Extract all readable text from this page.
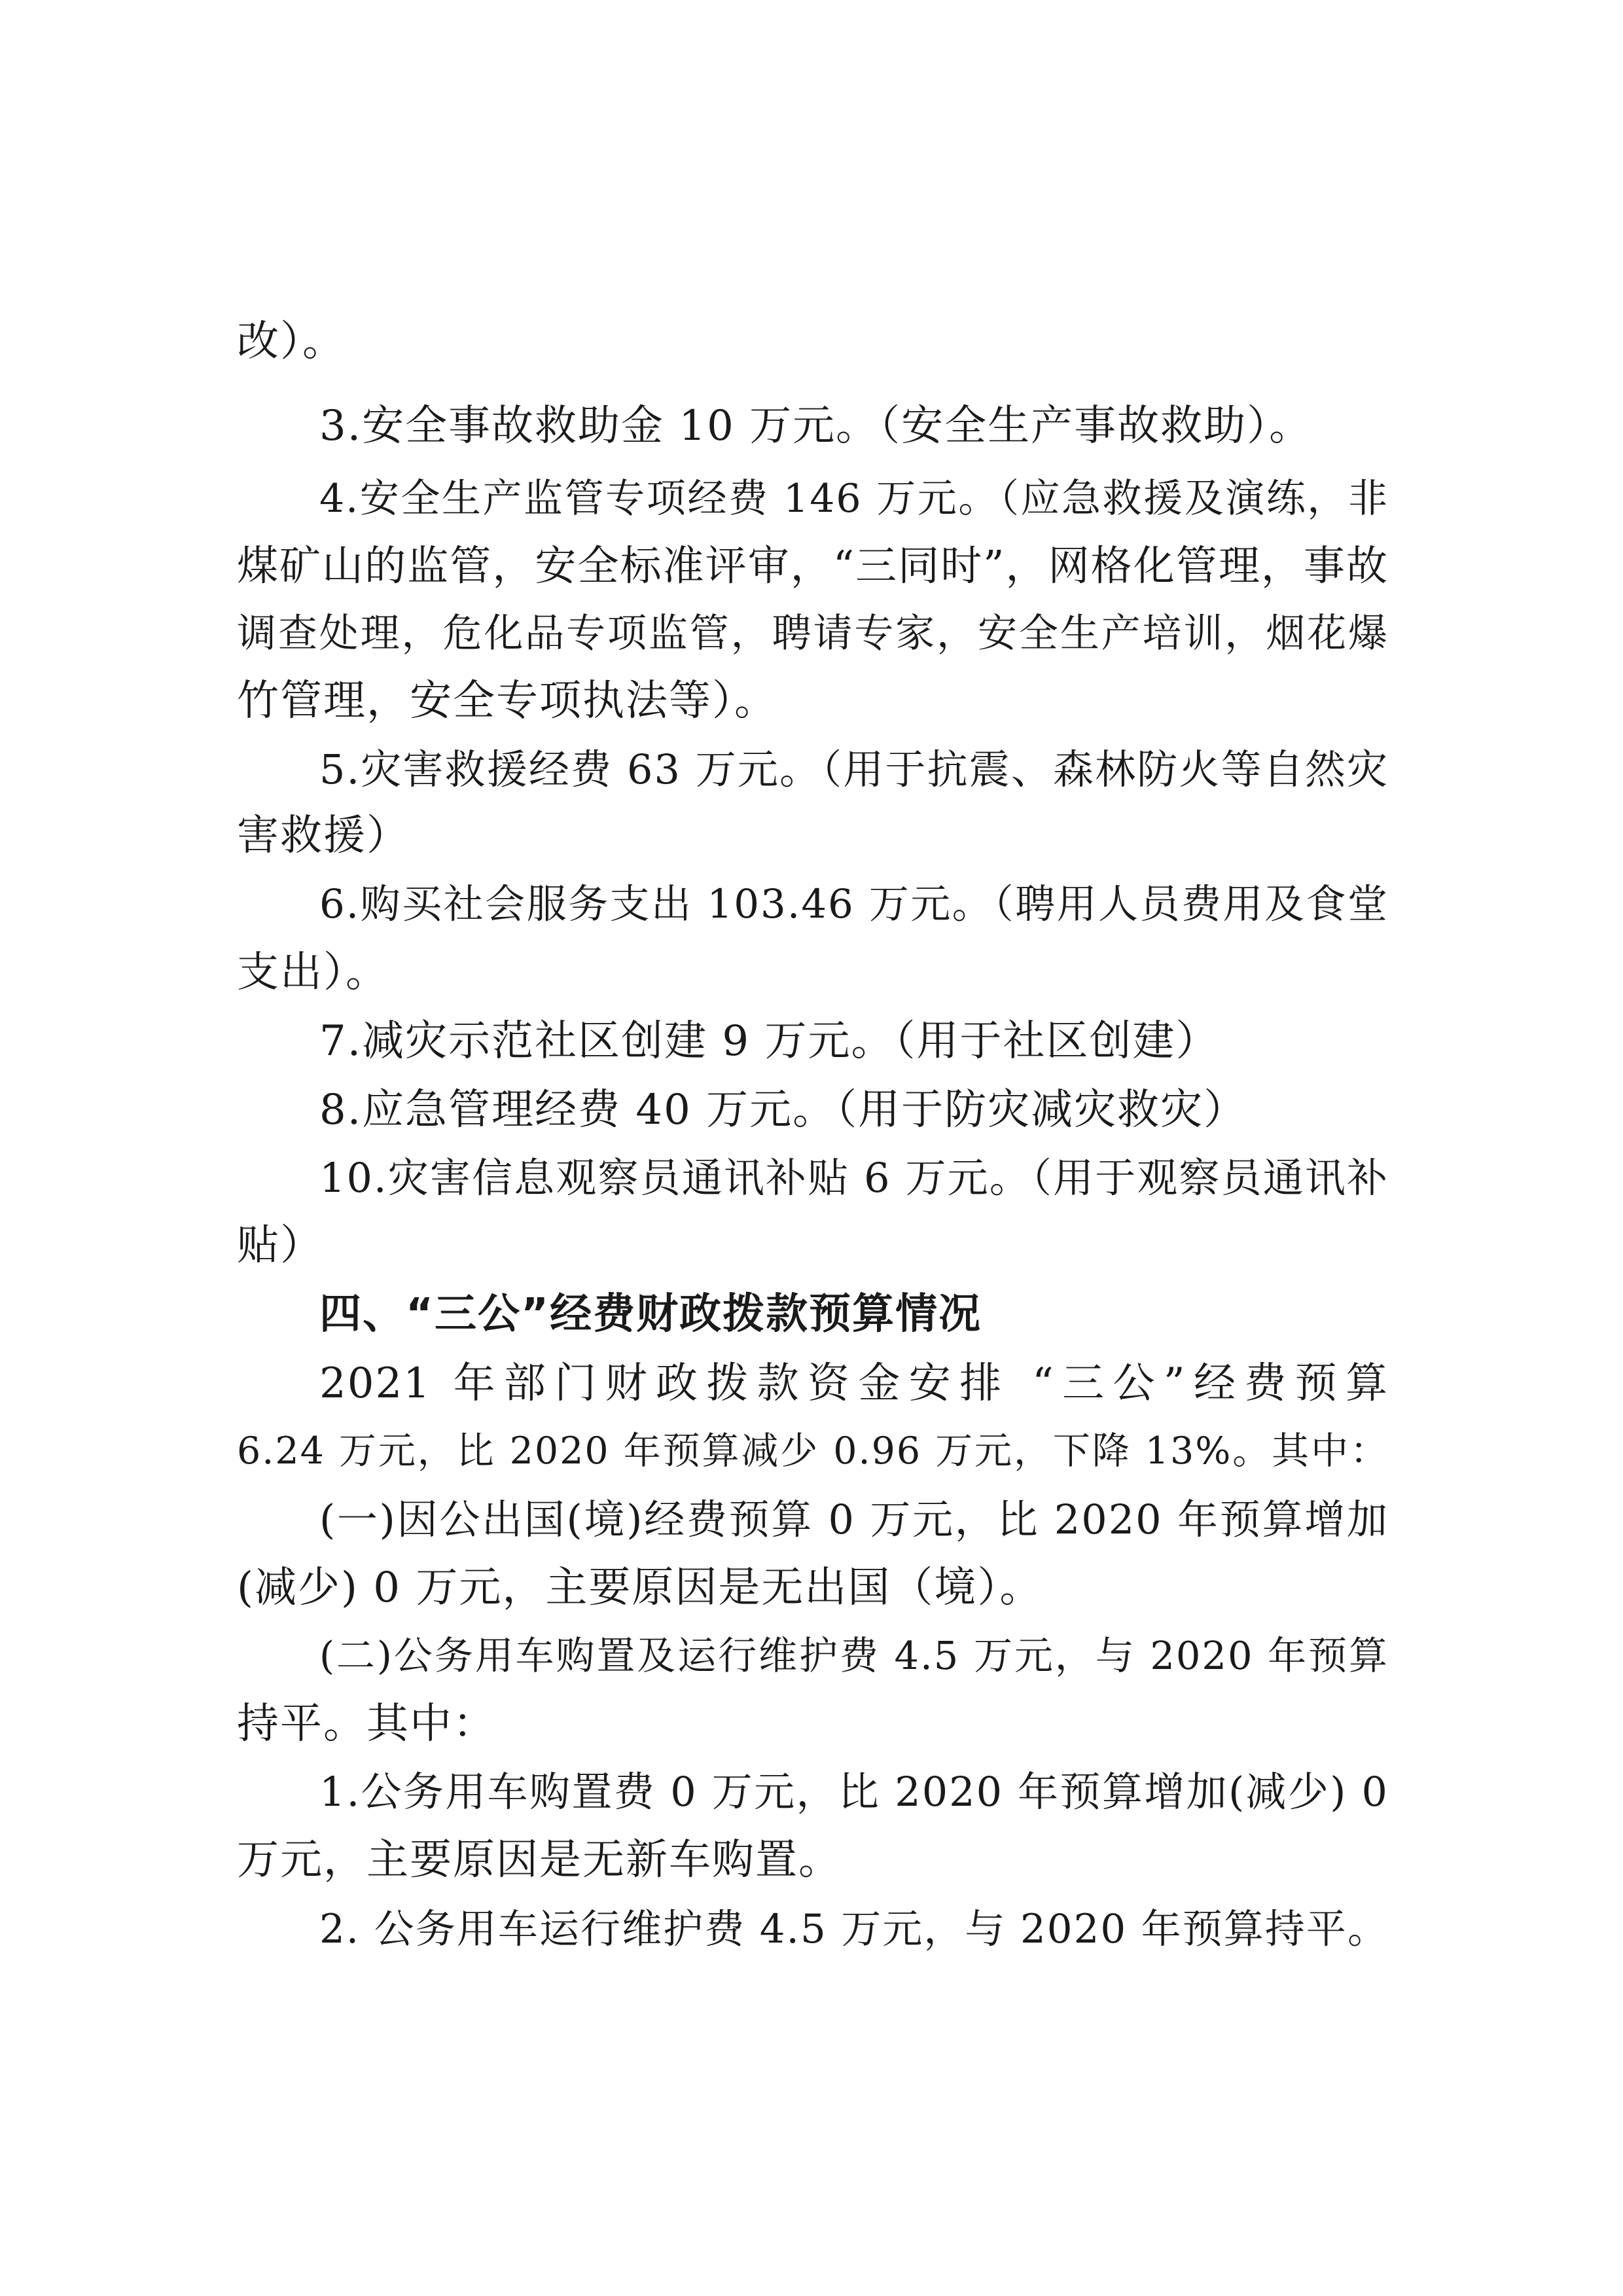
改）。
3.安全事故救助金 10 万元。（安全生产事故救助）。
4.安全生产监管专项经费 146 万元。（应急救援及演练，非
煤矿山的监管，安全标准评审，“三同时”，网格化管理，事故
调查处理，危化品专项监管，聘请专家，安全生产培训，烟花爆
竹管理，安全专项执法等）。
5.灾害救援经费 63 万元。（用于抗震、森林防火等自然灾
害救援）
6.购买社会服务支出 103.46 万元。（聘用人员费用及食堂
支出）。
7.减灾示范社区创建 9 万元。（用于社区创建）
8.应急管理经费 40 万元。（用于防灾减灾救灾）
10.灾害信息观察员通讯补贴 6 万元。（用于观察员通讯补
贴）
四、“三公”经费财政拨款预算情况
2021 年部门财政拨款资金安排 “三公”经费预算
6.24 万元，比 2020 年预算减少 0.96 万元，下降 13%。其中：
(一)因公出国(境)经费预算 0 万元，比 2020 年预算增加
(减少) 0 万元，主要原因是无出国（境）。
(二)公务用车购置及运行维护费 4.5 万元，与 2020 年预算
持平。其中：
1.公务用车购置费 0 万元，比 2020 年预算增加(减少) 0
万元，主要原因是无新车购置。
2. 公务用车运行维护费 4.5 万元，与 2020 年预算持平。
